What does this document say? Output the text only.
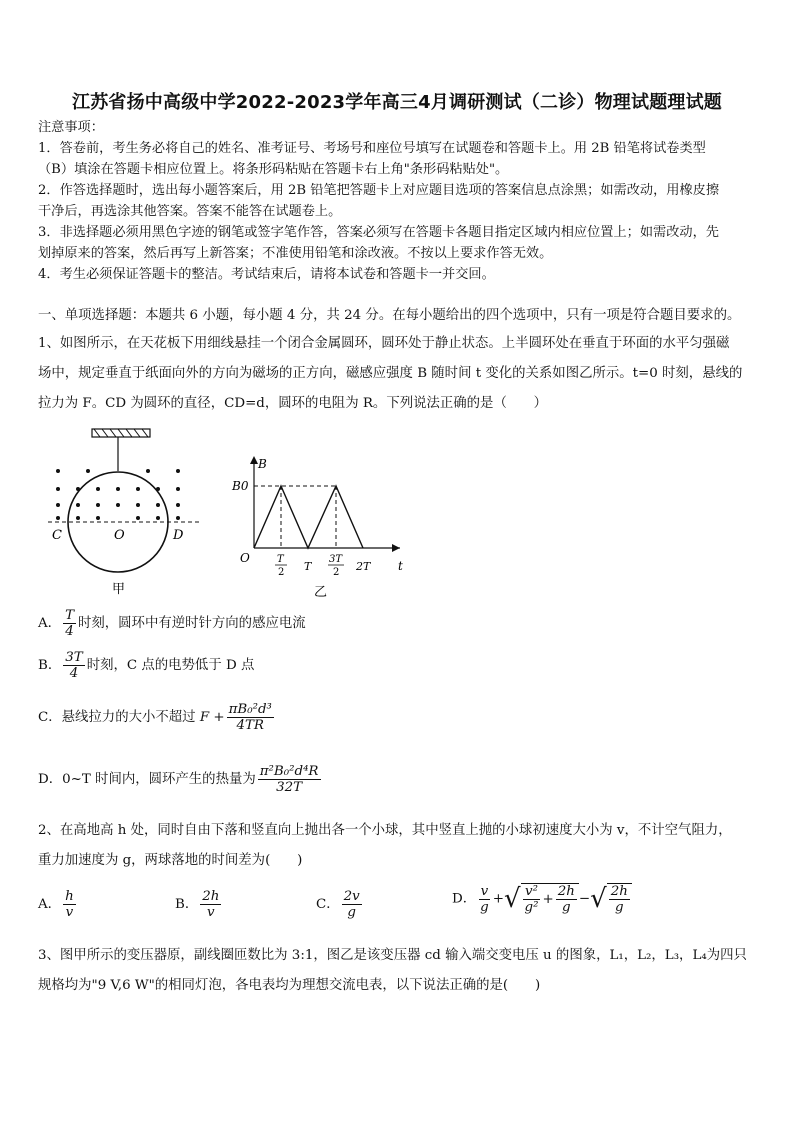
江苏省扬中高级中学2022-2023学年高三4月调研测试（二诊）物理试题理试题
注意事项：
1．答卷前，考生务必将自己的姓名、准考证号、考场号和座位号填写在试题卷和答题卡上。用 2B 铅笔将试卷类型
（B）填涂在答题卡相应位置上。将条形码粘贴在答题卡右上角"条形码粘贴处"。
2．作答选择题时，选出每小题答案后，用 2B 铅笔把答题卡上对应题目选项的答案信息点涂黑；如需改动，用橡皮擦
干净后，再选涂其他答案。答案不能答在试题卷上。
3．非选择题必须用黑色字迹的钢笔或签字笔作答，答案必须写在答题卡各题目指定区域内相应位置上；如需改动，先
划掉原来的答案，然后再写上新答案；不准使用铅笔和涂改液。不按以上要求作答无效。
4．考生必须保证答题卡的整洁。考试结束后，请将本试卷和答题卡一并交回。
一、单项选择题：本题共 6 小题，每小题 4 分，共 24 分。在每小题给出的四个选项中，只有一项是符合题目要求的。
1、如图所示，在天花板下用细线悬挂一个闭合金属圆环，圆环处于静止状态。上半圆环处在垂直于环面的水平匀强磁
场中，规定垂直于纸面向外的方向为磁场的正方向，磁感应强度 B 随时间 t 变化的关系如图乙所示。t=0 时刻，悬线的
拉力为 F。CD 为圆环的直径，CD=d，圆环的电阻为 R。下列说法正确的是（　　）
C	O	D
甲
B
B0
O
t
T
2 T
3T
2 2T
乙
A． $\frac{T}{4}$ 时刻，圆环中有逆时针方向的感应电流
B． $\frac{3T}{4}$ 时刻，C 点的电势低于 D 点
C．悬线拉力的大小不超过 $F + \frac{\text{πB₀²d³}}{4TR}$
D．0~T 时间内，圆环产生的热量为 $\frac{\text{π²B₀²d⁴R}}{32T}$
2、在高地高 h 处，同时自由下落和竖直向上抛出各一个小球，其中竖直上抛的小球初速度大小为 v，不计空气阻力，
重力加速度为 g，两球落地的时间差为(　　)
A． $\frac{h}{v}$	B． $\frac{2h}{v}$	C． $\frac{2v}{g}$	D． $\frac{v}{g}$ +√ $\frac{\text{v²}}{\text{g²}} + \frac{2h}{g}$ −√ $\frac{2h}{g}$
3、图甲所示的变压器原，副线圈匝数比为 3:1，图乙是该变压器 cd 输入端交变电压 u 的图象，L₁，L₂，L₃，L₄为四只
规格均为"9 V,6 W"的相同灯泡，各电表均为理想交流电表，以下说法正确的是(　　)
